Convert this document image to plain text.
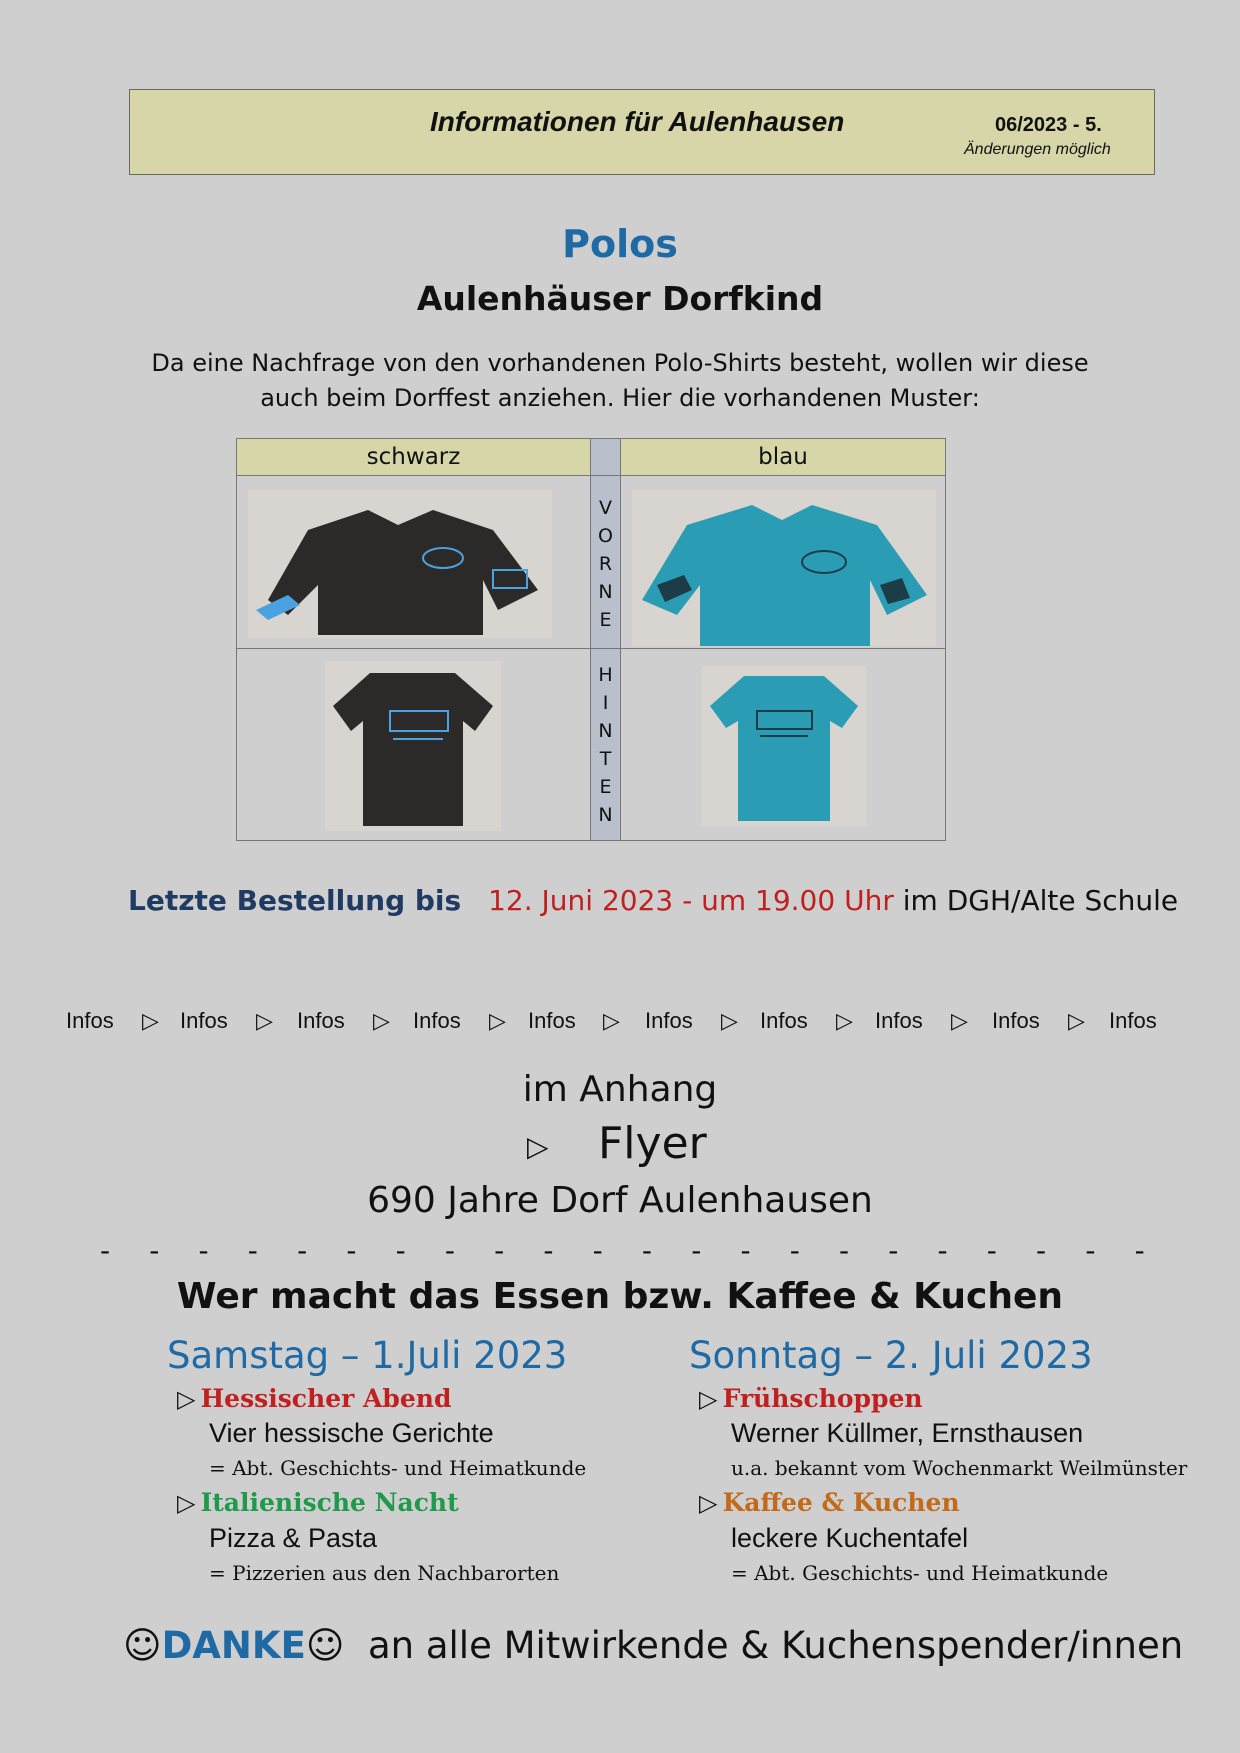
Informationen für Aulenhausen	06/2023 - 5.
Änderungen möglich
Polos
Aulenhäuser Dorfkind
Da eine Nachfrage von den vorhandenen Polo-Shirts besteht, wollen wir diese
auch beim Dorffest anziehen. Hier die vorhandenen Muster:
schwarz	blau
V
O
R
N
E
H
I
N
T
E
N
Letzte Bestellung bis 12. Juni 2023 - um 19.00 Uhr im DGH/Alte Schule
Infos ▷ Infos ▷ Infos ▷ Infos ▷ Infos ▷ Infos ▷ Infos ▷ Infos ▷ Infos ▷ Infos
im Anhang
▷ Flyer
690 Jahre Dorf Aulenhausen
- - - - - - - - - - - - - - - - - - - - - -
Wer macht das Essen bzw. Kaffee & Kuchen
Samstag – 1.Juli 2023
▷ Hessischer Abend
Vier hessische Gerichte
= Abt. Geschichts- und Heimatkunde
▷ Italienische Nacht
Pizza & Pasta
= Pizzerien aus den Nachbarorten
Sonntag – 2. Juli 2023
▷ Frühschoppen
Werner Küllmer, Ernsthausen
u.a. bekannt vom Wochenmarkt Weilmünster
▷ Kaffee & Kuchen
leckere Kuchentafel
= Abt. Geschichts- und Heimatkunde
☺DANKE☺ an alle Mitwirkende & Kuchenspender/innen
